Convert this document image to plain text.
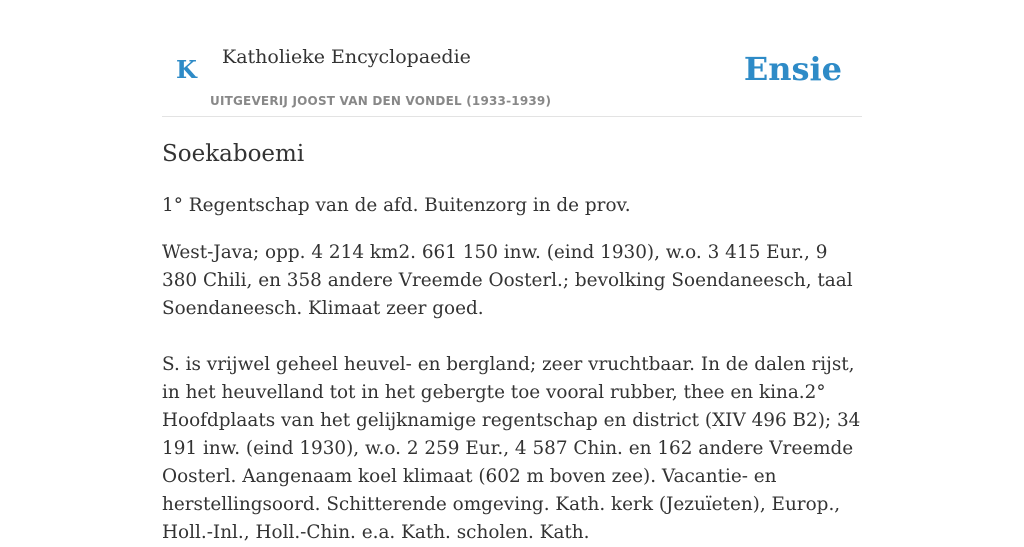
K Katholieke Encyclopaedie
UITGEVERIJ JOOST VAN DEN VONDEL (1933-1939)
Ensie
Soekaboemi

1° Regentschap van de afd. Buitenzorg in de prov.

West-Java; opp. 4 214 km2. 661 150 inw. (eind 1930), w.o. 3 415 Eur., 9 380 Chili, en 358 andere Vreemde Oosterl.; bevolking Soendaneesch, taal Soendaneesch. Klimaat zeer goed.

S. is vrijwel geheel heuvel- en bergland; zeer vruchtbaar. In de dalen rijst, in het heuvelland tot in het gebergte toe vooral rubber, thee en kina.2° Hoofdplaats van het gelijknamige regentschap en district (XIV 496 B2); 34 191 inw. (eind 1930), w.o. 2 259 Eur., 4 587 Chin. en 162 andere Vreemde Oosterl. Aangenaam koel klimaat (602 m boven zee). Vacantie- en herstellingsoord. Schitterende omgeving. Kath. kerk (Jezuïeten), Europ., Holl.-Inl., Holl.-Chin. e.a. Kath. scholen. Kath.
